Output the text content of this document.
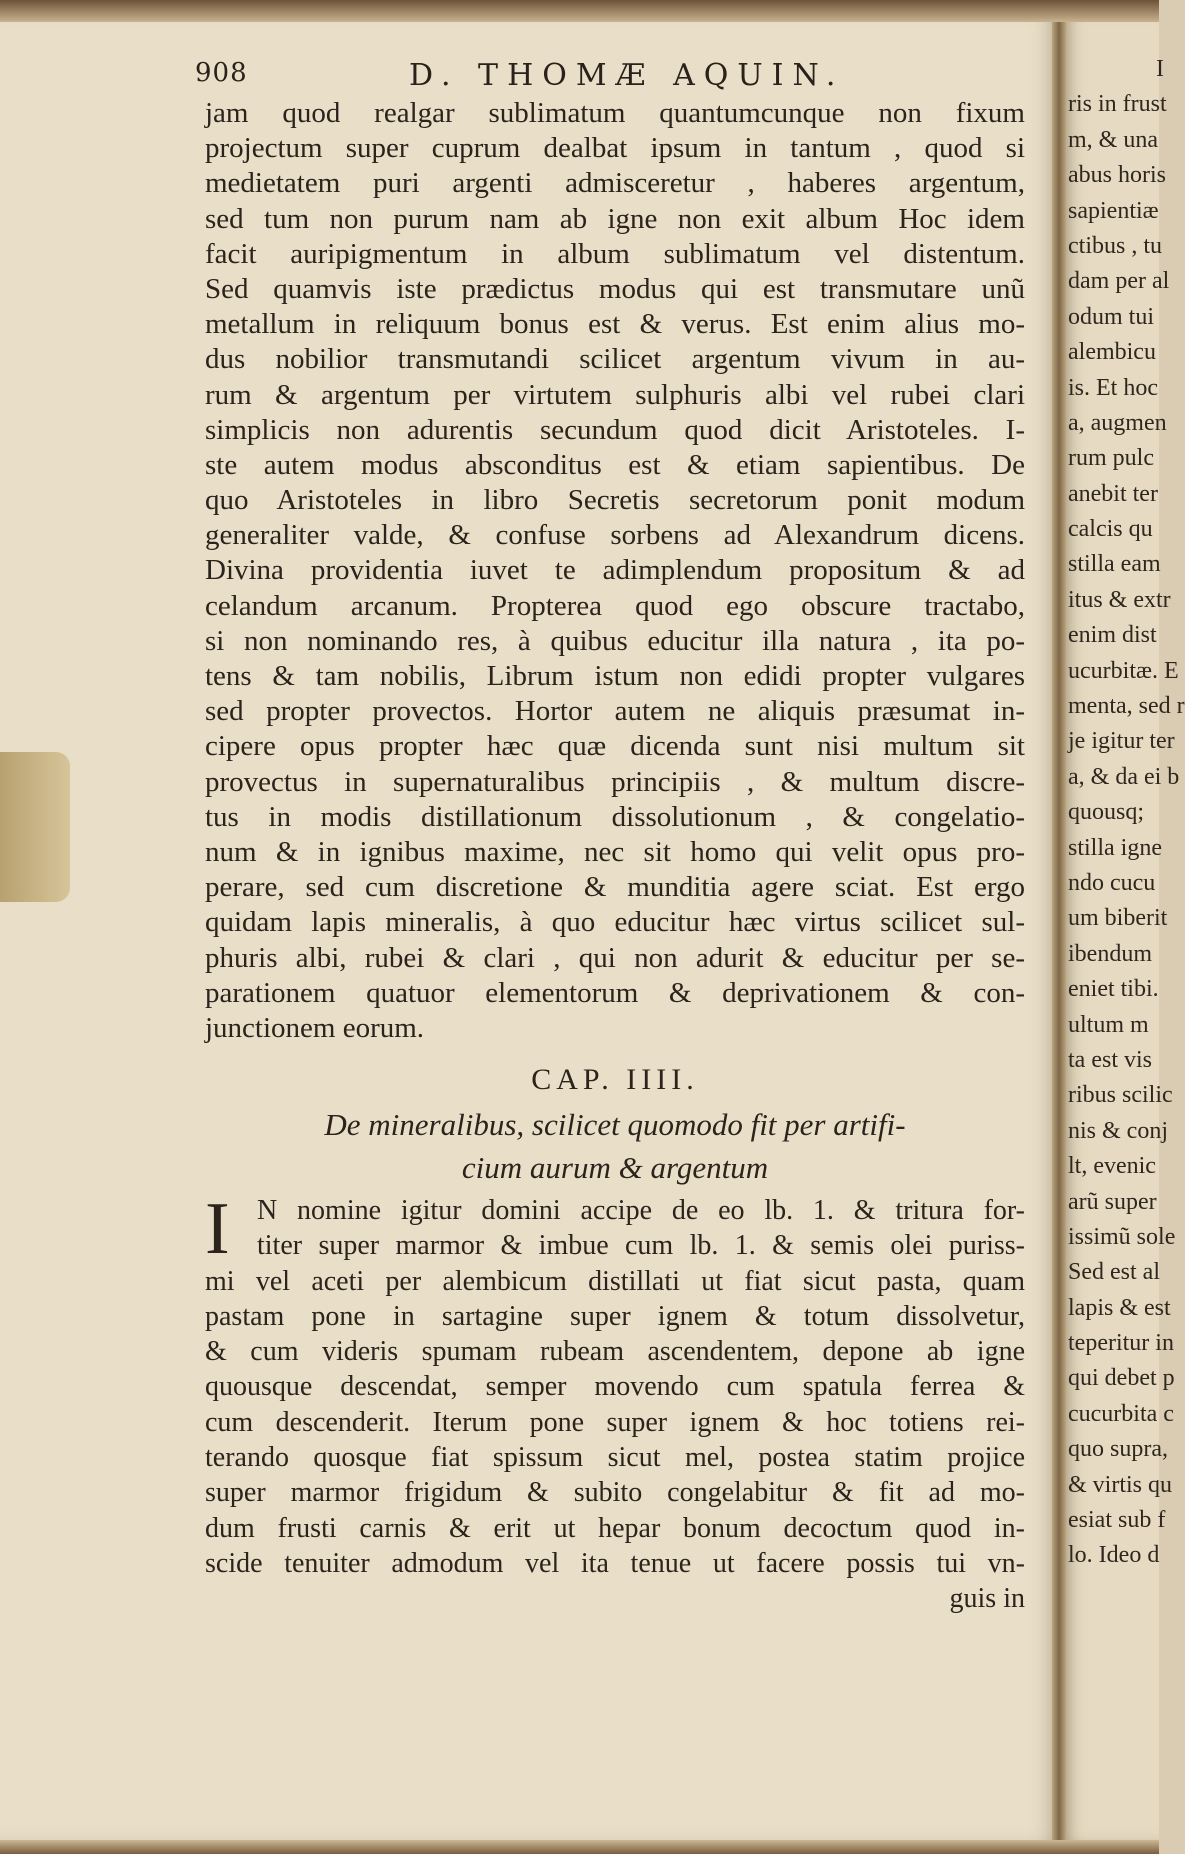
908	D. THOMÆ AQUIN.
jam quod realgar sublimatum quantumcunque non fixum
projectum super cuprum dealbat ipsum in tantum , quod si
medietatem puri argenti admisceretur , haberes argentum,
sed tum non purum nam ab igne non exit album Hoc idem
facit auripigmentum in album sublimatum vel distentum.
Sed quamvis iste prædictus modus qui est transmutare unũ
metallum in reliquum bonus est & verus. Est enim alius mo-
dus nobilior transmutandi scilicet argentum vivum in au-
rum & argentum per virtutem sulphuris albi vel rubei clari
simplicis non adurentis secundum quod dicit Aristoteles. I-
ste autem modus absconditus est & etiam sapientibus. De
quo Aristoteles in libro Secretis secretorum ponit modum
generaliter valde, & confuse sorbens ad Alexandrum dicens.
Divina providentia iuvet te adimplendum propositum & ad
celandum arcanum. Propterea quod ego obscure tractabo,
si non nominando res, à quibus educitur illa natura , ita po-
tens & tam nobilis, Librum istum non edidi propter vulgares
sed propter provectos. Hortor autem ne aliquis præsumat in-
cipere opus propter hæc quæ dicenda sunt nisi multum sit
provectus in supernaturalibus principiis , & multum discre-
tus in modis distillationum dissolutionum , & congelatio-
num & in ignibus maxime, nec sit homo qui velit opus pro-
perare, sed cum discretione & munditia agere sciat. Est ergo
quidam lapis mineralis, à quo educitur hæc virtus scilicet sul-
phuris albi, rubei & clari , qui non adurit & educitur per se-
parationem quatuor elementorum & deprivationem & con-
junctionem eorum.
CAP. IIII.
De mineralibus, scilicet quomodo fit per artifi-
cium aurum & argentum
I N nomine igitur domini accipe de eo lb. 1. & tritura for-
titer super marmor & imbue cum lb. 1. & semis olei puriss-
mi vel aceti per alembicum distillati ut fiat sicut pasta, quam
pastam pone in sartagine super ignem & totum dissolvetur,
& cum videris spumam rubeam ascendentem, depone ab igne
quousque descendat, semper movendo cum spatula ferrea &
cum descenderit. Iterum pone super ignem & hoc totiens rei-
terando quosque fiat spissum sicut mel, postea statim projice
super marmor frigidum & subito congelabitur & fit ad mo-
dum frusti carnis & erit ut hepar bonum decoctum quod in-
scide tenuiter admodum vel ita tenue ut facere possis tui vn-
guis in
I
ris in frust
m, & una
abus horis
sapientiæ
ctibus , tu
dam per al
odum tui
alembicu
is. Et hoc
a, augmen
rum pulc
anebit ter
calcis qu
stilla eam
itus & extr
enim dist
ucurbitæ. E
menta, sed r
je igitur ter
a, & da ei b
quousq;
stilla igne
ndo cucu
um biberit
ibendum
eniet tibi.
ultum m
ta est vis
ribus scilic
nis & conj
lt, evenic
arũ super
issimũ sole
Sed est al
lapis & est
teperitur in
qui debet p
cucurbita c
quo supra,
& virtis qu
esiat sub f
lo. Ideo d
